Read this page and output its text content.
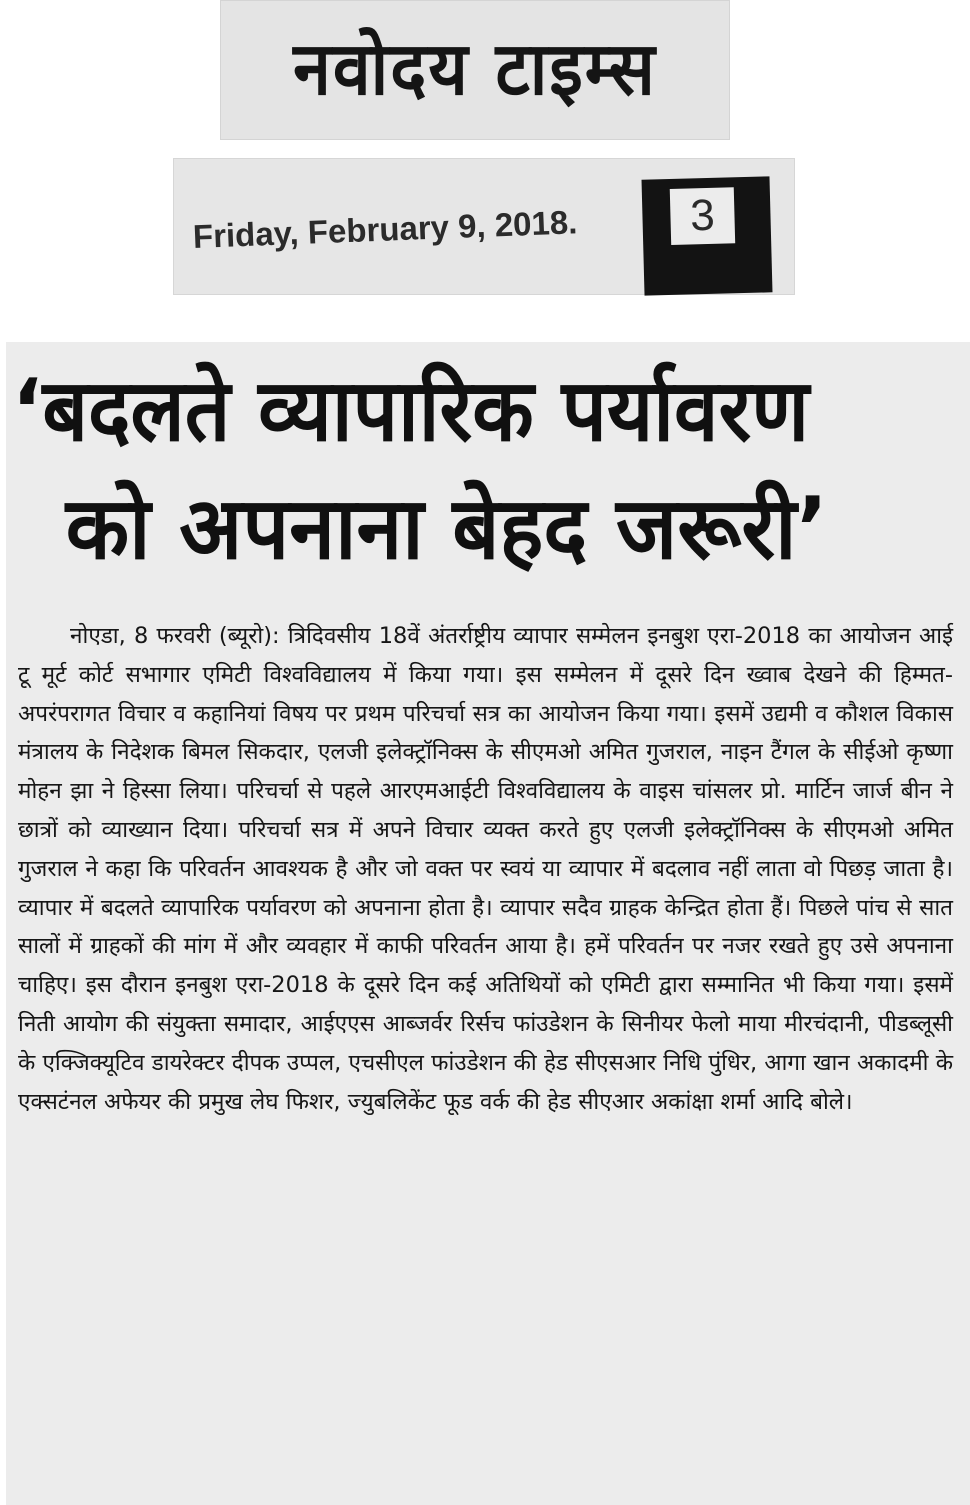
नवोदय टाइम्स
Friday, February 9, 2018.	3
‘बदलते व्यापारिक पर्यावरण
को अपनाना बेहद जरूरी’

नोएडा, 8 फरवरी (ब्यूरो): त्रिदिवसीय 18वें अंतर्राष्ट्रीय व्यापार सम्मेलन इनबुश एरा-2018 का आयोजन आई टू मूर्ट कोर्ट सभागार एमिटी विश्वविद्यालय में किया गया। इस सम्मेलन में दूसरे दिन ख्वाब देखने की हिम्मत-अपरंपरागत विचार व कहानियां विषय पर प्रथम परिचर्चा सत्र का आयोजन किया गया। इसमें उद्यमी व कौशल विकास मंत्रालय के निदेशक बिमल सिकदार, एलजी इलेक्ट्रॉनिक्स के सीएमओ अमित गुजराल, नाइन टैंगल के सीईओ कृष्णा मोहन झा ने हिस्सा लिया। परिचर्चा से पहले आरएमआईटी विश्वविद्यालय के वाइस चांसलर प्रो. मार्टिन जार्ज बीन ने छात्रों को व्याख्यान दिया। परिचर्चा सत्र में अपने विचार व्यक्त करते हुए एलजी इलेक्ट्रॉनिक्स के सीएमओ अमित गुजराल ने कहा कि परिवर्तन आवश्यक है और जो वक्त पर स्वयं या व्यापार में बदलाव नहीं लाता वो पिछड़ जाता है। व्यापार में बदलते व्यापारिक पर्यावरण को अपनाना होता है। व्यापार सदैव ग्राहक केन्द्रित होता हैं। पिछले पांच से सात सालों में ग्राहकों की मांग में और व्यवहार में काफी परिवर्तन आया है। हमें परिवर्तन पर नजर रखते हुए उसे अपनाना चाहिए। इस दौरान इनबुश एरा-2018 के दूसरे दिन कई अतिथियों को एमिटी द्वारा सम्मानित भी किया गया। इसमें निती आयोग की संयुक्ता समादार, आईएएस आब्जर्वर रिर्सच फांउडेशन के सिनीयर फेलो माया मीरचंदानी, पीडब्लूसी के एक्जिक्यूटिव डायरेक्टर दीपक उप्पल, एचसीएल फांउडेशन की हेड सीएसआर निधि पुंधिर, आगा खान अकादमी के एक्सटंनल अफेयर की प्रमुख लेघ फिशर, ज्युबलिकेंट फूड वर्क की हेड सीएआर अकांक्षा शर्मा आदि बोले।
